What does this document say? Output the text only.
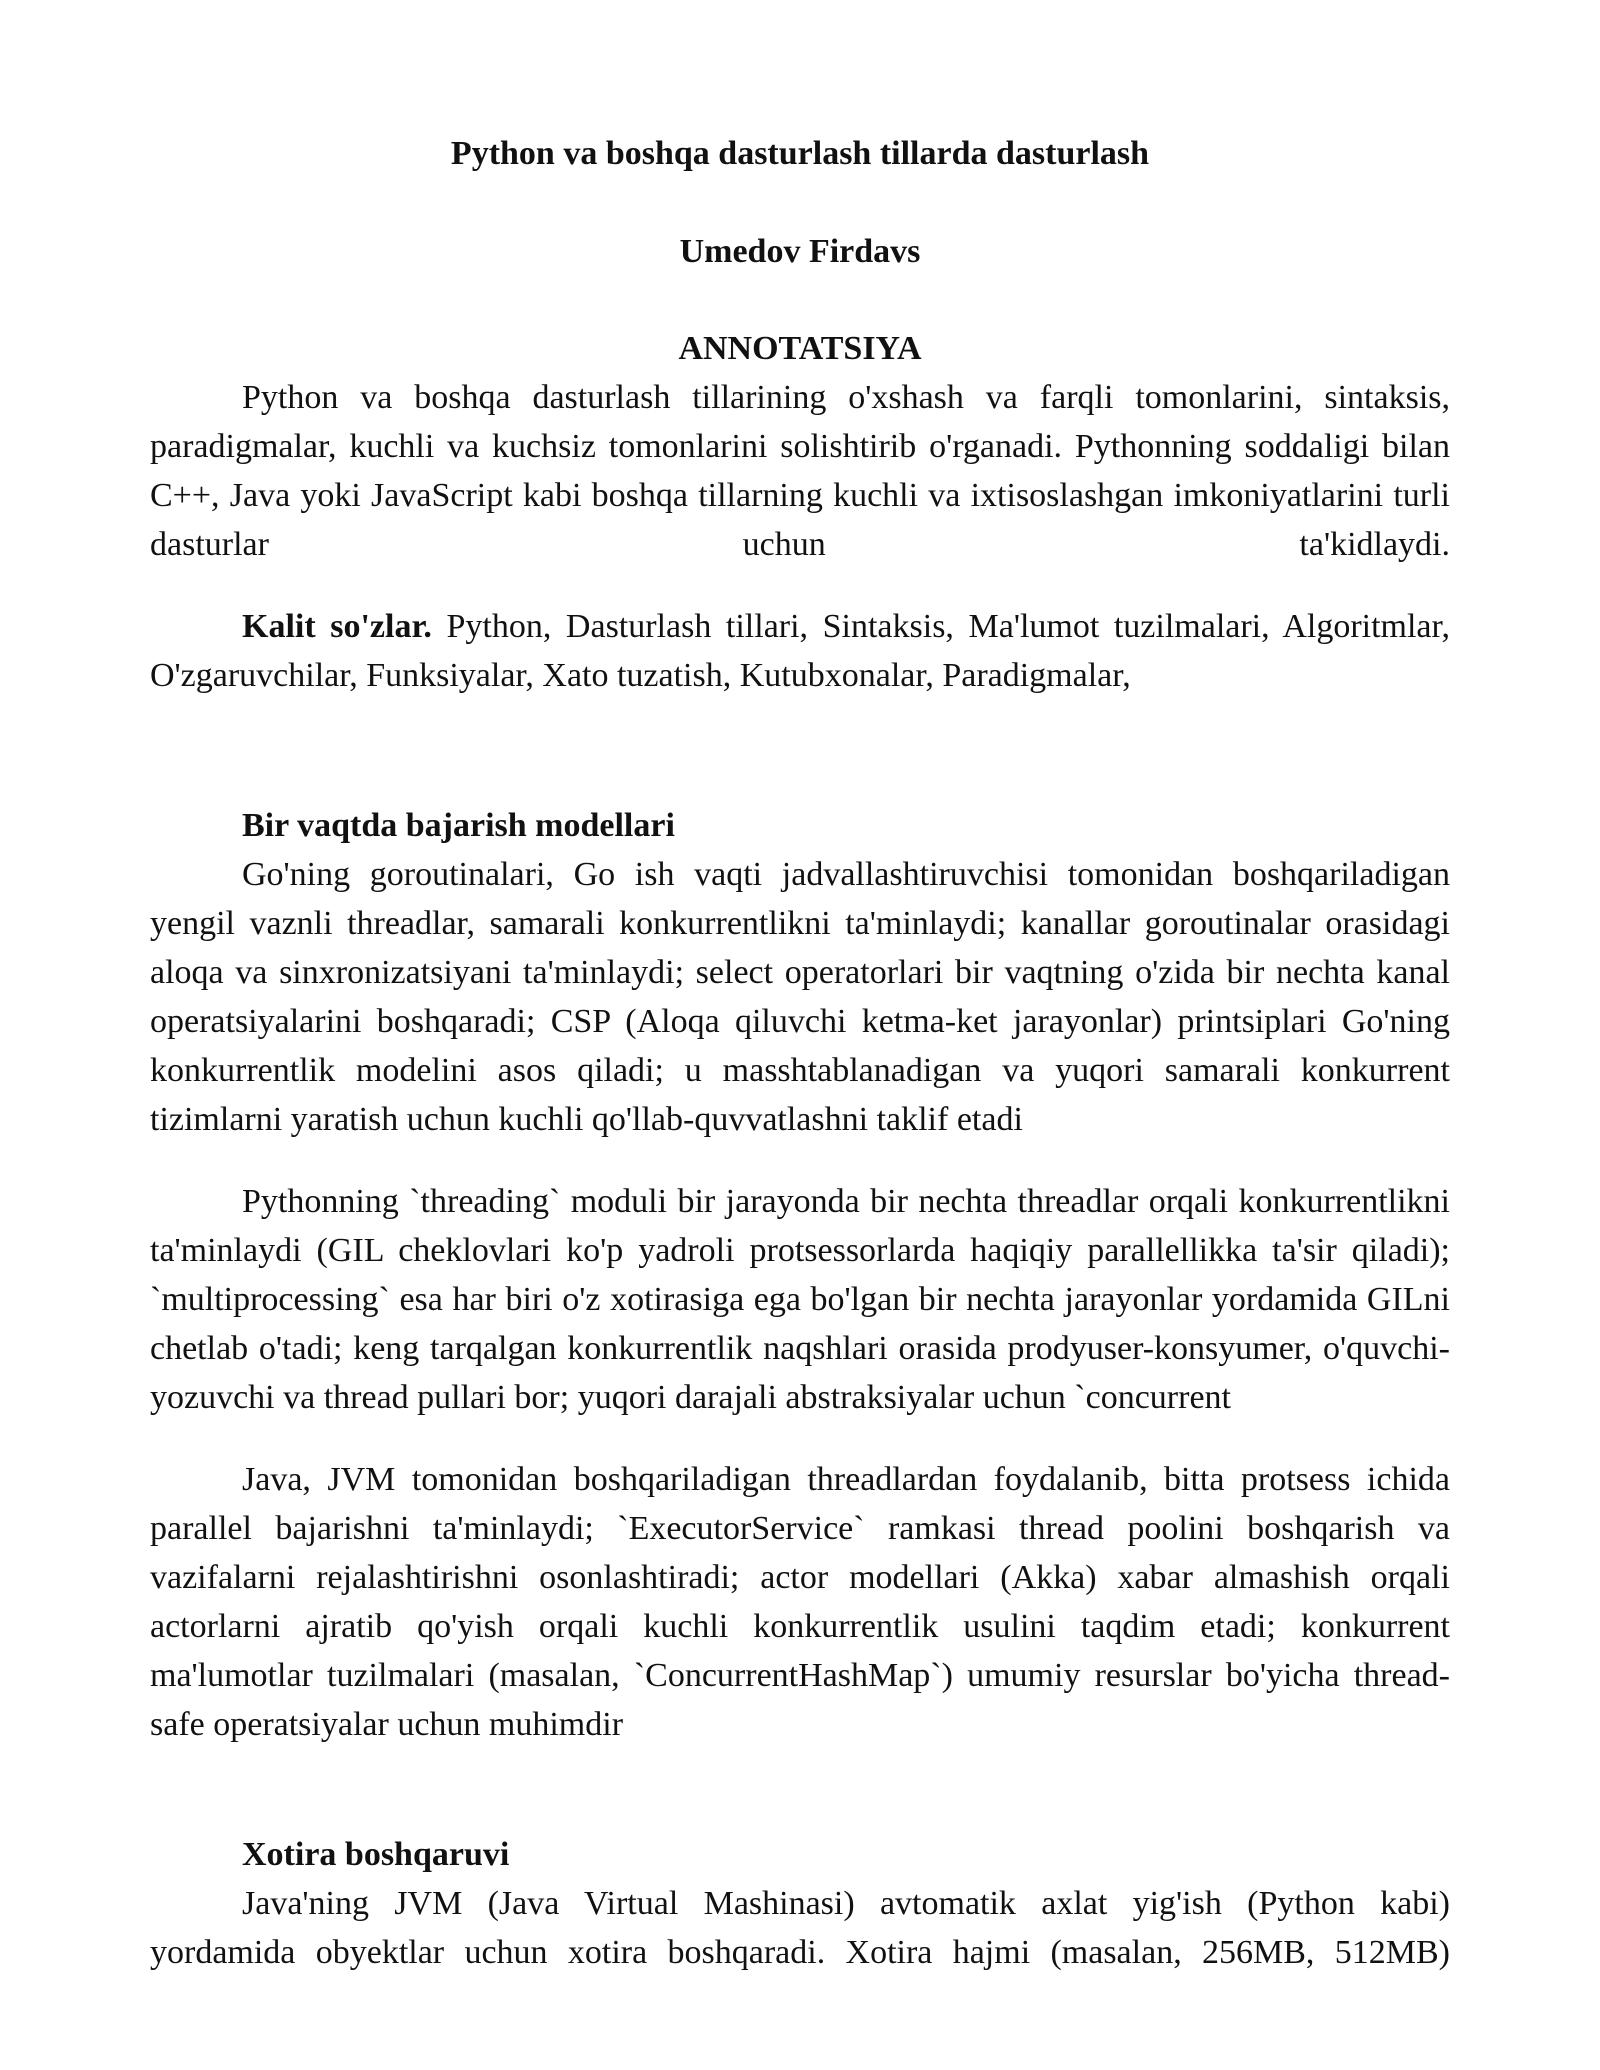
Python va boshqa dasturlash tillarda dasturlash
Umedov Firdavs
ANNOTATSIYA

Python va boshqa dasturlash tillarining o'xshash va farqli tomonlarini, sintaksis, paradigmalar, kuchli va kuchsiz tomonlarini solishtirib o'rganadi. Pythonning soddaligi bilan C++, Java yoki JavaScript kabi boshqa tillarning kuchli va ixtisoslashgan imkoniyatlarini turli dasturlar uchun ta'kidlaydi.

Kalit so'zlar. Python, Dasturlash tillari, Sintaksis, Ma'lumot tuzilmalari, Algoritmlar, O'zgaruvchilar, Funksiyalar, Xato tuzatish, Kutubxonalar, Paradigmalar,

Bir vaqtda bajarish modellari

Go'ning goroutinalari, Go ish vaqti jadvallashtiruvchisi tomonidan boshqariladigan yengil vaznli threadlar, samarali konkurrentlikni ta'minlaydi; kanallar goroutinalar orasidagi aloqa va sinxronizatsiyani ta'minlaydi; select operatorlari bir vaqtning o'zida bir nechta kanal operatsiyalarini boshqaradi; CSP (Aloqa qiluvchi ketma-ket jarayonlar) printsiplari Go'ning konkurrentlik modelini asos qiladi; u masshtablanadigan va yuqori samarali konkurrent tizimlarni yaratish uchun kuchli qo'llab-quvvatlashni taklif etadi

Pythonning `threading` moduli bir jarayonda bir nechta threadlar orqali konkurrentlikni ta'minlaydi (GIL cheklovlari ko'p yadroli protsessorlarda haqiqiy parallellikka ta'sir qiladi); `multiprocessing` esa har biri o'z xotirasiga ega bo'lgan bir nechta jarayonlar yordamida GILni chetlab o'tadi; keng tarqalgan konkurrentlik naqshlari orasida prodyuser-konsyumer, o'quvchi-yozuvchi va thread pullari bor; yuqori darajali abstraksiyalar uchun `concurrent

Java, JVM tomonidan boshqariladigan threadlardan foydalanib, bitta protsess ichida parallel bajarishni ta'minlaydi; `ExecutorService` ramkasi thread poolini boshqarish va vazifalarni rejalashtirishni osonlashtiradi; actor modellari (Akka) xabar almashish orqali actorlarni ajratib qo'yish orqali kuchli konkurrentlik usulini taqdim etadi; konkurrent ma'lumotlar tuzilmalari (masalan, `ConcurrentHashMap`) umumiy resurslar bo'yicha thread-safe operatsiyalar uchun muhimdir

Xotira boshqaruvi

Java'ning JVM (Java Virtual Mashinasi) avtomatik axlat yig'ish (Python kabi) yordamida obyektlar uchun xotira boshqaradi. Xotira hajmi (masalan, 256MB, 512MB)
